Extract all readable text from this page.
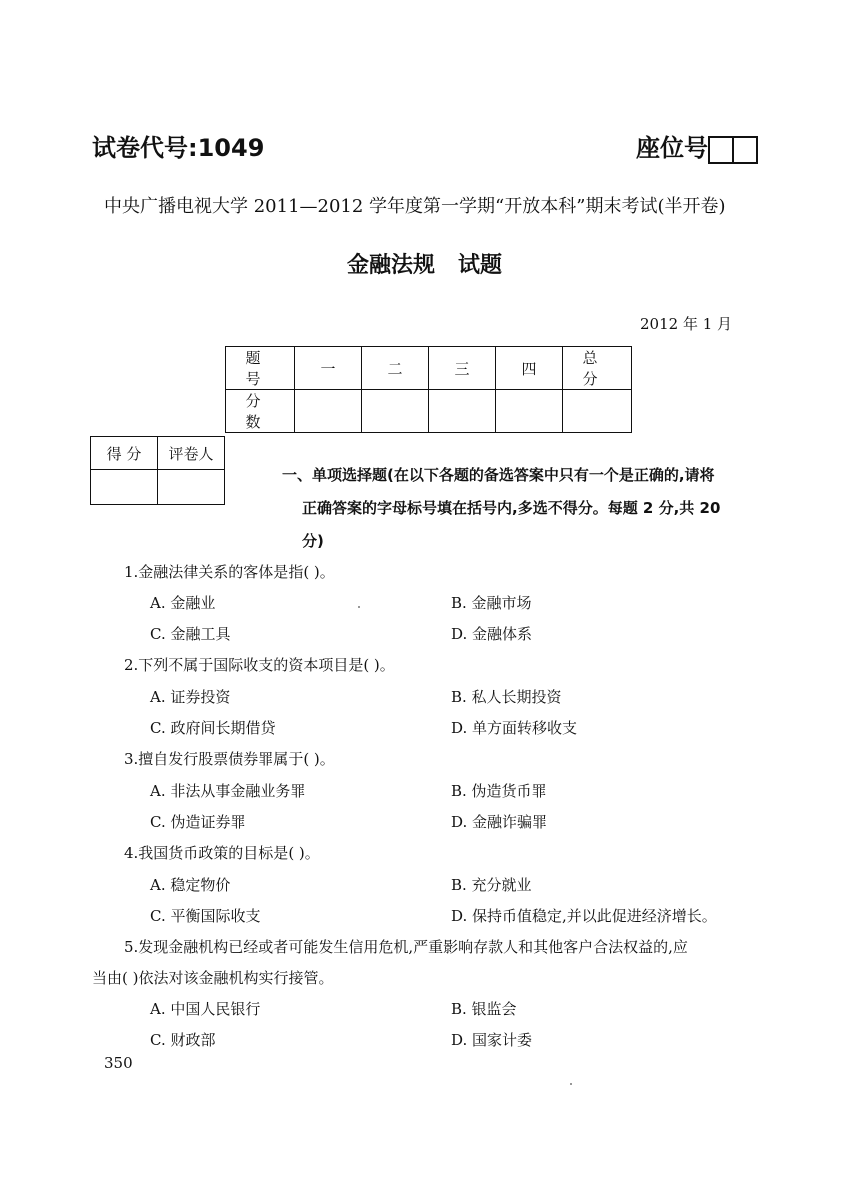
试卷代号:1049	座位号
中央广播电视大学 2011—2012 学年度第一学期“开放本科”期末考试(半开卷)
金融法规   试题
2012 年 1 月
题 号	一	二	三	四	总 分
分 数					
得 分	评卷人

一、单项选择题(在以下各题的备选答案中只有一个是正确的,请将
正确答案的字母标号填在括号内,多选不得分。每题 2 分,共 20
分)
1.金融法律关系的客体是指( )。
A. 金融业	B. 金融市场
C. 金融工具	D. 金融体系
2.下列不属于国际收支的资本项目是( )。
A. 证券投资	B. 私人长期投资
C. 政府间长期借贷	D. 单方面转移收支
3.擅自发行股票债券罪属于( )。
A. 非法从事金融业务罪	B. 伪造货币罪
C. 伪造证券罪	D. 金融诈骗罪
4.我国货币政策的目标是( )。
A. 稳定物价	B. 充分就业
C. 平衡国际收支	D. 保持币值稳定,并以此促进经济增长。
5.发现金融机构已经或者可能发生信用危机,严重影响存款人和其他客户合法权益的,应
当由( )依法对该金融机构实行接管。
A. 中国人民银行	B. 银监会
C. 财政部	D. 国家计委
350
